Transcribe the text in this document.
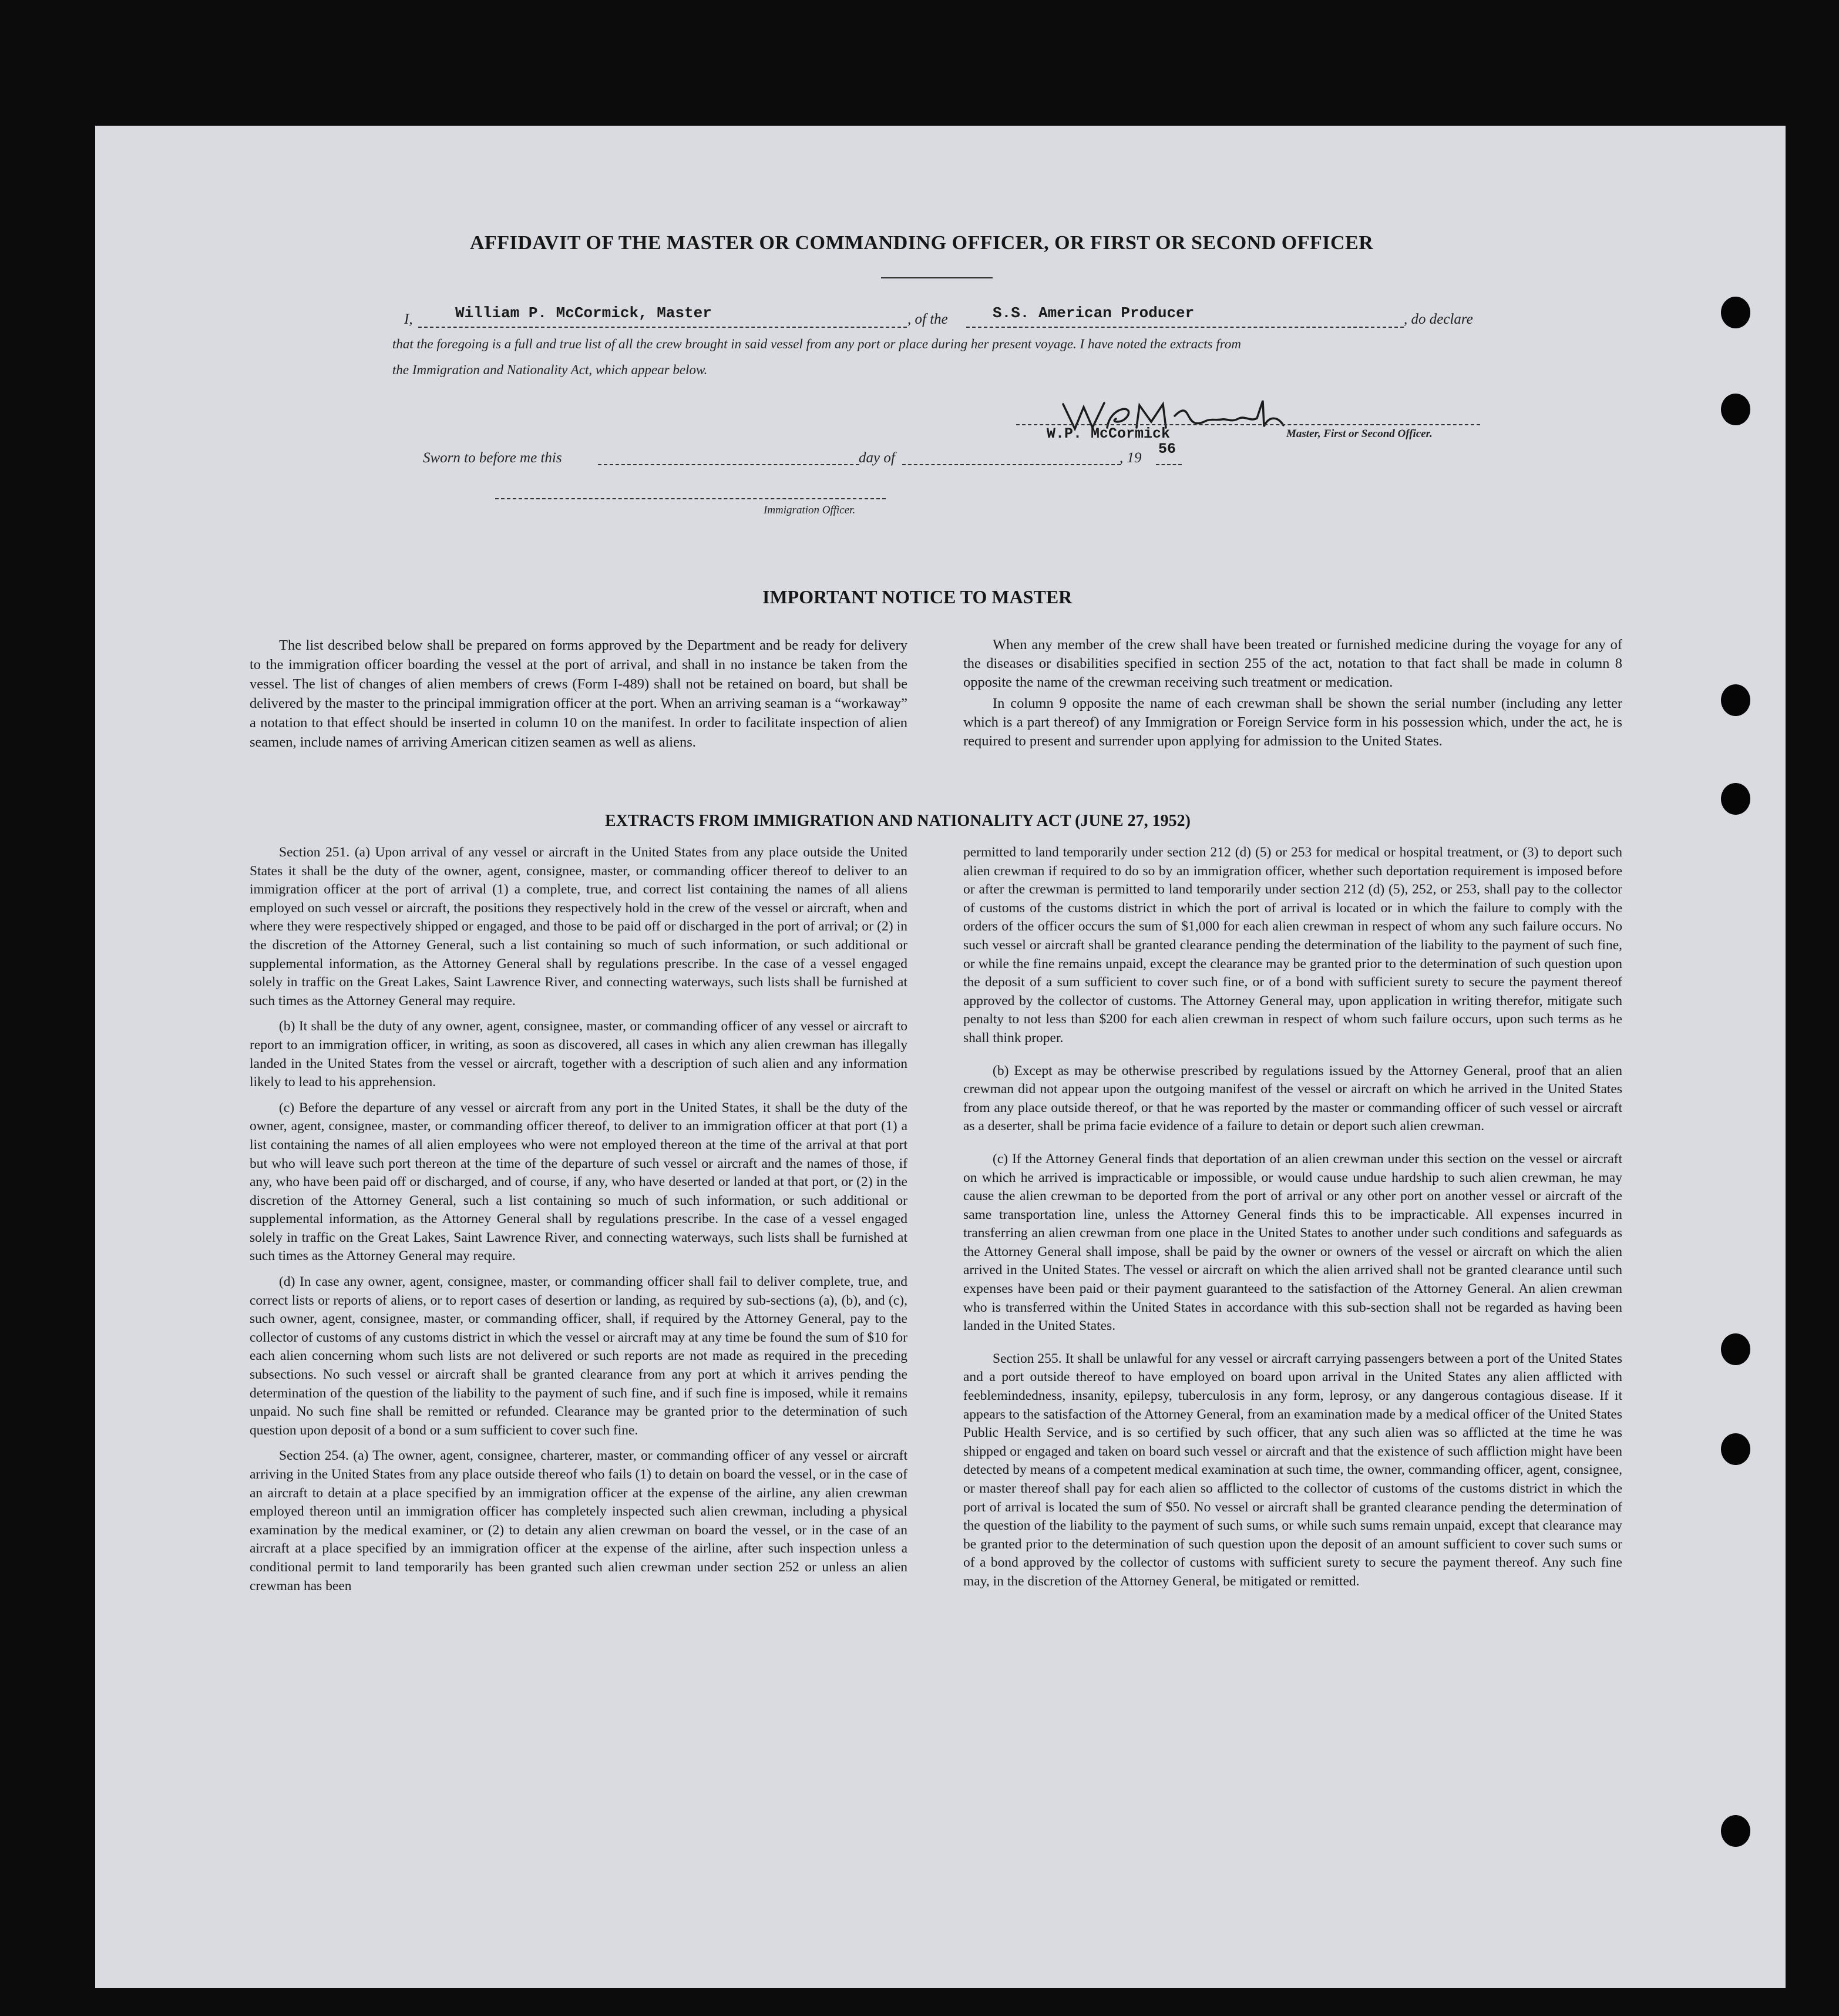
AFFIDAVIT OF THE MASTER OR COMMANDING OFFICER, OR FIRST OR SECOND OFFICER
I,	William P. McCormick, Master	, of the	S.S. American Producer	, do declare
that the foregoing is a full and true list of all the crew brought in said vessel from any port or place during her present voyage. I have noted the extracts from
the Immigration and Nationality Act, which appear below.
W.P. McCormick	Master, First or Second Officer.
Sworn to before me this	day of	, 19
56
Immigration Officer.
IMPORTANT NOTICE TO MASTER

The list described below shall be prepared on forms approved by the Department and be ready for delivery to the immigration officer boarding the vessel at the port of arrival, and shall in no instance be taken from the vessel. The list of changes of alien members of crews (Form I-489) shall not be retained on board, but shall be delivered by the master to the principal immigration officer at the port. When an arriving seaman is a “workaway” a notation to that effect should be inserted in column 10 on the manifest. In order to facilitate inspection of alien seamen, include names of arriving American citizen seamen as well as aliens.

When any member of the crew shall have been treated or furnished medicine during the voyage for any of the diseases or disabilities specified in section 255 of the act, notation to that fact shall be made in column 8 opposite the name of the crewman receiving such treatment or medication.

In column 9 opposite the name of each crewman shall be shown the serial number (including any letter which is a part thereof) of any Immigration or Foreign Service form in his possession which, under the act, he is required to present and surrender upon applying for admission to the United States.

EXTRACTS FROM IMMIGRATION AND NATIONALITY ACT (JUNE 27, 1952)

Section 251. (a) Upon arrival of any vessel or aircraft in the United States from any place outside the United States it shall be the duty of the owner, agent, consignee, master, or commanding officer thereof to deliver to an immigration officer at the port of arrival (1) a complete, true, and correct list containing the names of all aliens employed on such vessel or aircraft, the positions they respectively hold in the crew of the vessel or aircraft, when and where they were respectively shipped or engaged, and those to be paid off or discharged in the port of arrival; or (2) in the discretion of the Attorney General, such a list containing so much of such information, or such additional or supplemental information, as the Attorney General shall by regulations prescribe. In the case of a vessel engaged solely in traffic on the Great Lakes, Saint Lawrence River, and connecting waterways, such lists shall be furnished at such times as the Attorney General may require.

(b) It shall be the duty of any owner, agent, consignee, master, or commanding officer of any vessel or aircraft to report to an immigration officer, in writing, as soon as discovered, all cases in which any alien crewman has illegally landed in the United States from the vessel or aircraft, together with a description of such alien and any information likely to lead to his apprehension.

(c) Before the departure of any vessel or aircraft from any port in the United States, it shall be the duty of the owner, agent, consignee, master, or commanding officer thereof, to deliver to an immigration officer at that port (1) a list containing the names of all alien employees who were not employed thereon at the time of the arrival at that port but who will leave such port thereon at the time of the departure of such vessel or aircraft and the names of those, if any, who have been paid off or discharged, and of course, if any, who have deserted or landed at that port, or (2) in the discretion of the Attorney General, such a list containing so much of such information, or such additional or supplemental information, as the Attorney General shall by regulations prescribe. In the case of a vessel engaged solely in traffic on the Great Lakes, Saint Lawrence River, and connecting waterways, such lists shall be furnished at such times as the Attorney General may require.

(d) In case any owner, agent, consignee, master, or commanding officer shall fail to deliver complete, true, and correct lists or reports of aliens, or to report cases of desertion or landing, as required by sub-sections (a), (b), and (c), such owner, agent, consignee, master, or commanding officer, shall, if required by the Attorney General, pay to the collector of customs of any customs district in which the vessel or aircraft may at any time be found the sum of $10 for each alien concerning whom such lists are not delivered or such reports are not made as required in the preceding subsections. No such vessel or aircraft shall be granted clearance from any port at which it arrives pending the determination of the question of the liability to the payment of such fine, and if such fine is imposed, while it remains unpaid. No such fine shall be remitted or refunded. Clearance may be granted prior to the determination of such question upon deposit of a bond or a sum sufficient to cover such fine.

Section 254. (a) The owner, agent, consignee, charterer, master, or commanding officer of any vessel or aircraft arriving in the United States from any place outside thereof who fails (1) to detain on board the vessel, or in the case of an aircraft to detain at a place specified by an immigration officer at the expense of the airline, any alien crewman employed thereon until an immigration officer has completely inspected such alien crewman, including a physical examination by the medical examiner, or (2) to detain any alien crewman on board the vessel, or in the case of an aircraft at a place specified by an immigration officer at the expense of the airline, after such inspection unless a conditional permit to land temporarily has been granted such alien crewman under section 252 or unless an alien crewman has been

permitted to land temporarily under section 212 (d) (5) or 253 for medical or hospital treatment, or (3) to deport such alien crewman if required to do so by an immigration officer, whether such deportation requirement is imposed before or after the crewman is permitted to land temporarily under section 212 (d) (5), 252, or 253, shall pay to the collector of customs of the customs district in which the port of arrival is located or in which the failure to comply with the orders of the officer occurs the sum of $1,000 for each alien crewman in respect of whom any such failure occurs. No such vessel or aircraft shall be granted clearance pending the determination of the liability to the payment of such fine, or while the fine remains unpaid, except the clearance may be granted prior to the determination of such question upon the deposit of a sum sufficient to cover such fine, or of a bond with sufficient surety to secure the payment thereof approved by the collector of customs. The Attorney General may, upon application in writing therefor, mitigate such penalty to not less than $200 for each alien crewman in respect of whom such failure occurs, upon such terms as he shall think proper.

(b) Except as may be otherwise prescribed by regulations issued by the Attorney General, proof that an alien crewman did not appear upon the outgoing manifest of the vessel or aircraft on which he arrived in the United States from any place outside thereof, or that he was reported by the master or commanding officer of such vessel or aircraft as a deserter, shall be prima facie evidence of a failure to detain or deport such alien crewman.

(c) If the Attorney General finds that deportation of an alien crewman under this section on the vessel or aircraft on which he arrived is impracticable or impossible, or would cause undue hardship to such alien crewman, he may cause the alien crewman to be deported from the port of arrival or any other port on another vessel or aircraft of the same transportation line, unless the Attorney General finds this to be impracticable. All expenses incurred in transferring an alien crewman from one place in the United States to another under such conditions and safeguards as the Attorney General shall impose, shall be paid by the owner or owners of the vessel or aircraft on which the alien arrived in the United States. The vessel or aircraft on which the alien arrived shall not be granted clearance until such expenses have been paid or their payment guaranteed to the satisfaction of the Attorney General. An alien crewman who is transferred within the United States in accordance with this sub-section shall not be regarded as having been landed in the United States.

Section 255. It shall be unlawful for any vessel or aircraft carrying passengers between a port of the United States and a port outside thereof to have employed on board upon arrival in the United States any alien afflicted with feeblemindedness, insanity, epilepsy, tuberculosis in any form, leprosy, or any dangerous contagious disease. If it appears to the satisfaction of the Attorney General, from an examination made by a medical officer of the United States Public Health Service, and is so certified by such officer, that any such alien was so afflicted at the time he was shipped or engaged and taken on board such vessel or aircraft and that the existence of such affliction might have been detected by means of a competent medical examination at such time, the owner, commanding officer, agent, consignee, or master thereof shall pay for each alien so afflicted to the collector of customs of the customs district in which the port of arrival is located the sum of $50. No vessel or aircraft shall be granted clearance pending the determination of the question of the liability to the payment of such sums, or while such sums remain unpaid, except that clearance may be granted prior to the determination of such question upon the deposit of an amount sufficient to cover such sums or of a bond approved by the collector of customs with sufficient surety to secure the payment thereof. Any such fine may, in the discretion of the Attorney General, be mitigated or remitted.
